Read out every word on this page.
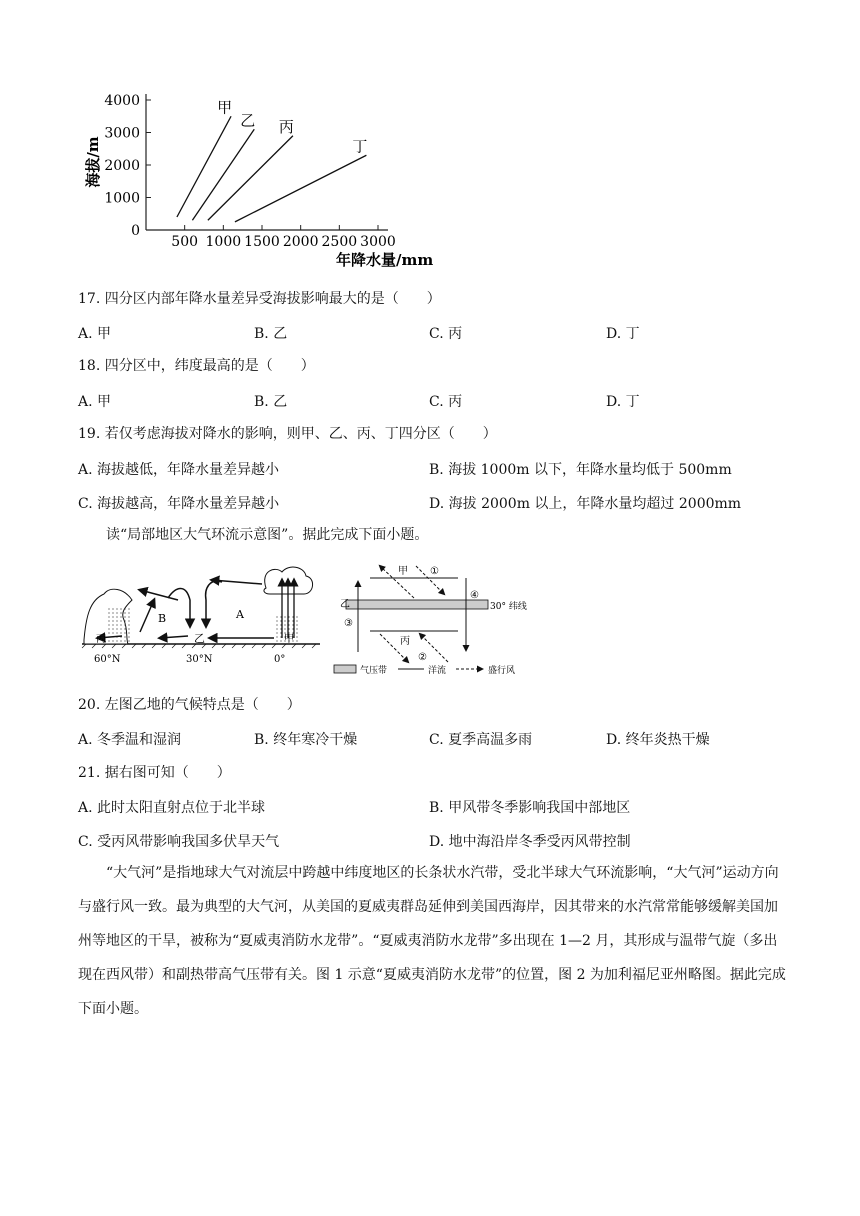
0
1000
2000
3000
4000
500 1000 1500 2000 2500 3000
甲
乙 丙
丁
海拔/m
年降水量/mm
17. 四分区内部年降水量差异受海拔影响最大的是（　　）
A. 甲	B. 乙	C. 丙	D. 丁
18. 四分区中，纬度最高的是（　　）
A. 甲	B. 乙	C. 丙	D. 丁
19. 若仅考虑海拔对降水的影响，则甲、乙、丙、丁四分区（　　）
A. 海拔越低，年降水量差异越小	B. 海拔 1000m 以下，年降水量均低于 500mm
C. 海拔越高，年降水量差异越小	D. 海拔 2000m 以上，年降水量均超过 2000mm
读“局部地区大气环流示意图”。据此完成下面小题。
B	A
乙	甲
丙
60°N	30°N	0°
甲 ①
乙
④
30° 纬线
③
丙
②
气压带	洋流	盛行风
20. 左图乙地的气候特点是（　　）
A. 冬季温和湿润	B. 终年寒冷干燥	C. 夏季高温多雨	D. 终年炎热干燥
21. 据右图可知（　　）
A. 此时太阳直射点位于北半球	B. 甲风带冬季影响我国中部地区
C. 受丙风带影响我国多伏旱天气	D. 地中海沿岸冬季受丙风带控制
“大气河”是指地球大气对流层中跨越中纬度地区的长条状水汽带，受北半球大气环流影响，“大气河”运动方向与盛行风一致。最为典型的大气河，从美国的夏威夷群岛延伸到美国西海岸，因其带来的水汽常常能够缓解美国加州等地区的干旱，被称为“夏威夷消防水龙带”。“夏威夷消防水龙带”多出现在 1—2 月，其形成与温带气旋（多出现在西风带）和副热带高气压带有关。图 1 示意“夏威夷消防水龙带”的位置，图 2 为加利福尼亚州略图。据此完成下面小题。
